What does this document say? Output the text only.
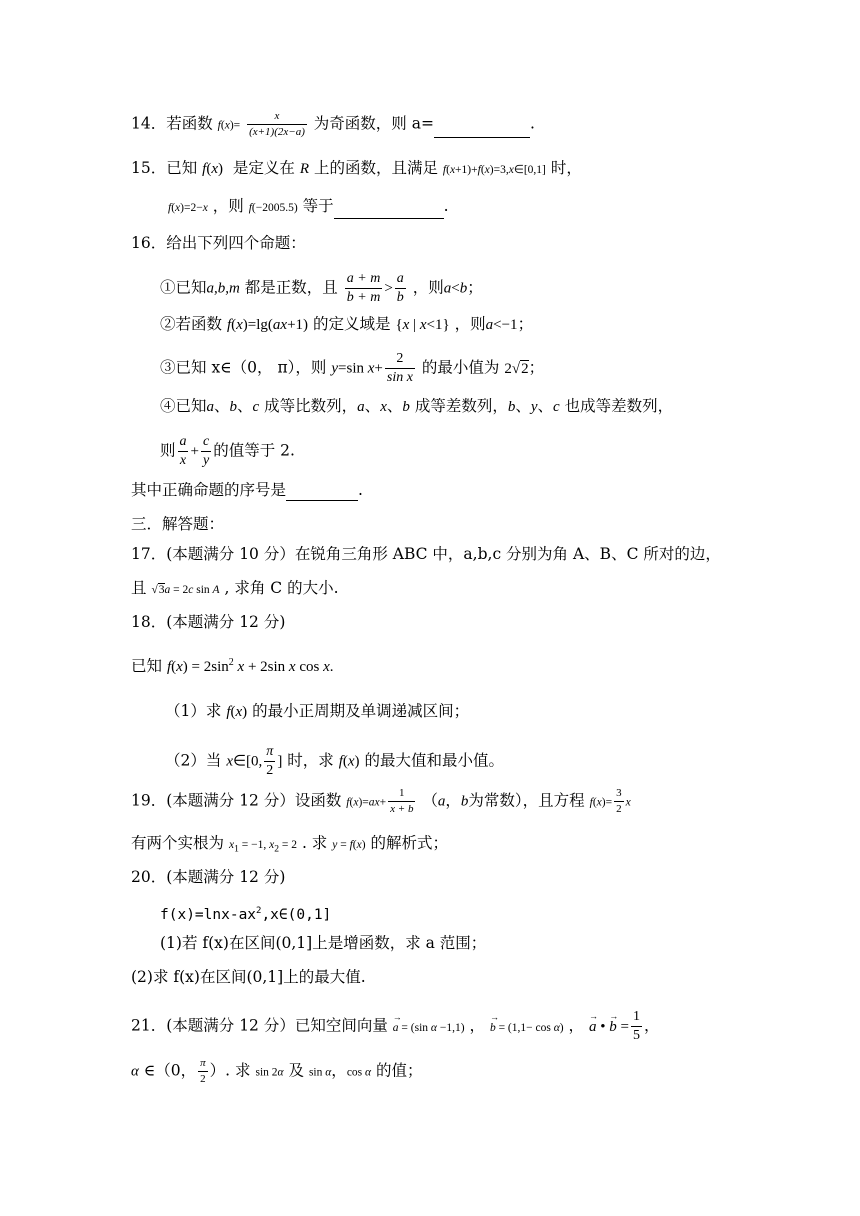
14．若函数 $f(x)= \frac{x}{(x+1)(2x-a)}$ 为奇函数，则 a=	.
15．已知 f(x) 是定义在 R 上的函数，且满足 f(x+1)+f(x)=3,x∈[0,1] 时，
f(x)=2−x ，则 f(−2005.5) 等于	.
16．给出下列四个命题：
①已知a,b,m 都是正数，且 $\frac{a + m}{b + m} > \frac{a}{b}$ ，则a<b；
②若函数 f(x)=lg(ax+1) 的定义域是 {x | x<1} ，则a<−1；
③已知 x∈（0， π），则 y=sin $x+ \frac{2}{\text{sin x}}$ 的最小值为 2√2；
④已知a、b、c 成等比数列，a、x、b 成等差数列，b、y、c 也成等差数列，
则 $\frac{a}{x} + \frac{c}{y}$ 的值等于 2.
其中正确命题的序号是	.
三．解答题：
17．(本题满分 10 分）在锐角三角形 ABC 中，a,b,c 分别为角 A、B、C 所对的边，
且 √3a = 2c sin A , 求角 C 的大小.
18．(本题满分 12 分)
已知 $f(x) = 2\sin^2$ x + 2sin x cos x.
（1）求 f(x) 的最小正周期及单调递减区间；
（2）当 x∈[0, $\frac{\pi}{2}$ ] 时，求 f(x) 的最大值和最小值。
19．(本题满分 12 分）设函数 $f(x)=ax+ \frac{1}{x + b} (a$，b为常数），且方程 $f(x)= \frac{3}{2}$ x
有两个实根为 $x_1 = -1$, $x_2 = 2$ . 求 y = f(x) 的解析式；
20．(本题满分 12 分)
$f(x)=\ln x-ax^2,x\in(0,1]$
(1)若 f(x)在区间(0,1]上是增函数，求 a 范围；
(2)求 f(x)在区间(0,1]上的最大值.
21．(本题满分 12 分）已知空间向量 → a = (sin α −1,1) ， → b = (1,1− cos α) ， → a • → $b = \frac{1}{5}$ ，
α ∈（0， $\frac{\pi}{2}$ ）. 求 sin 2α 及 sin α，cos α 的值；
